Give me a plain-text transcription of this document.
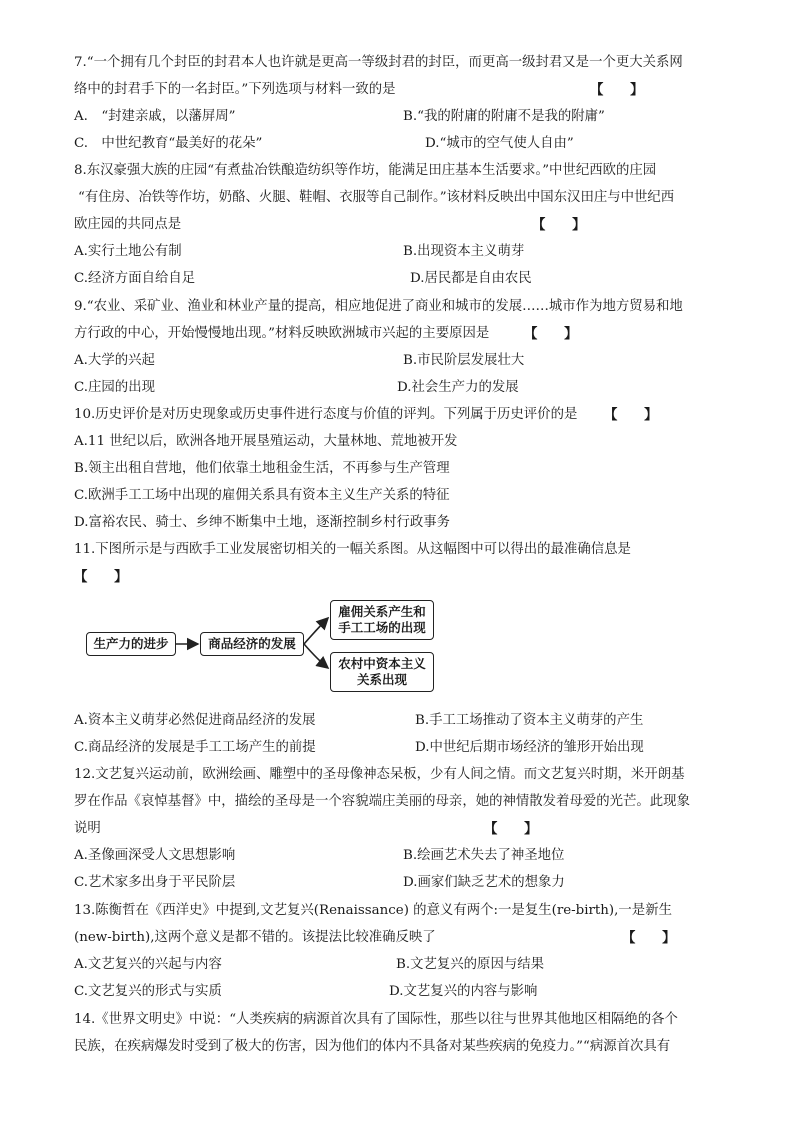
7.“一个拥有几个封臣的封君本人也许就是更高一等级封君的封臣，而更高一级封君又是一个更大关系网
络中的封君手下的一名封臣。”下列选项与材料一致的是	【　　】
A.　“封建亲戚，以藩屏周”	B.“我的附庸的附庸不是我的附庸”
C.　中世纪教育“最美好的花朵”	D.“城市的空气使人自由”
8.东汉豪强大族的庄园“有煮盐冶铁酿造纺织等作坊，能满足田庄基本生活要求。”中世纪西欧的庄园
“有住房、冶铁等作坊，奶酪、火腿、鞋帽、衣服等自己制作。”该材料反映出中国东汉田庄与中世纪西
欧庄园的共同点是	【　　】
A.实行土地公有制	B.出现资本主义萌芽
C.经济方面自给自足	D.居民都是自由农民
9.“农业、采矿业、渔业和林业产量的提高，相应地促进了商业和城市的发展……城市作为地方贸易和地
方行政的中心，开始慢慢地出现。”材料反映欧洲城市兴起的主要原因是	【　　】
A.大学的兴起	B.市民阶层发展壮大
C.庄园的出现	D.社会生产力的发展
10.历史评价是对历史现象或历史事件进行态度与价值的评判。下列属于历史评价的是	【　　】
A.11 世纪以后，欧洲各地开展垦殖运动，大量林地、荒地被开发
B.领主出租自营地，他们依靠土地租金生活，不再参与生产管理
C.欧洲手工工场中出现的雇佣关系具有资本主义生产关系的特征
D.富裕农民、骑士、乡绅不断集中土地，逐渐控制乡村行政事务
11.下图所示是与西欧手工业发展密切相关的一幅关系图。从这幅图中可以得出的最准确信息是
【　　】
生产力的进步	商品经济的发展
雇佣关系产生和手工工场的出现
农村中资本主义关系出现
A.资本主义萌芽必然促进商品经济的发展	B.手工工场推动了资本主义萌芽的产生
C.商品经济的发展是手工工场产生的前提	D.中世纪后期市场经济的雏形开始出现
12.文艺复兴运动前，欧洲绘画、雕塑中的圣母像神态呆板，少有人间之情。而文艺复兴时期，米开朗基
罗在作品《哀悼基督》中，描绘的圣母是一个容貌端庄美丽的母亲，她的神情散发着母爱的光芒。此现象
说明	【　　】
A.圣像画深受人文思想影响	B.绘画艺术失去了神圣地位
C.艺术家多出身于平民阶层	D.画家们缺乏艺术的想象力
13.陈衡哲在《西洋史》中提到,文艺复兴(Renaissance) 的意义有两个:一是复生(re-birth),一是新生
(new-birth),这两个意义是都不错的。该提法比较准确反映了	【　　】
A.文艺复兴的兴起与内容	B.文艺复兴的原因与结果
C.文艺复兴的形式与实质	D.文艺复兴的内容与影响
14.《世界文明史》中说：“人类疾病的病源首次具有了国际性，那些以往与世界其他地区相隔绝的各个
民族，在疾病爆发时受到了极大的伤害，因为他们的体内不具备对某些疾病的免疫力。”“病源首次具有
